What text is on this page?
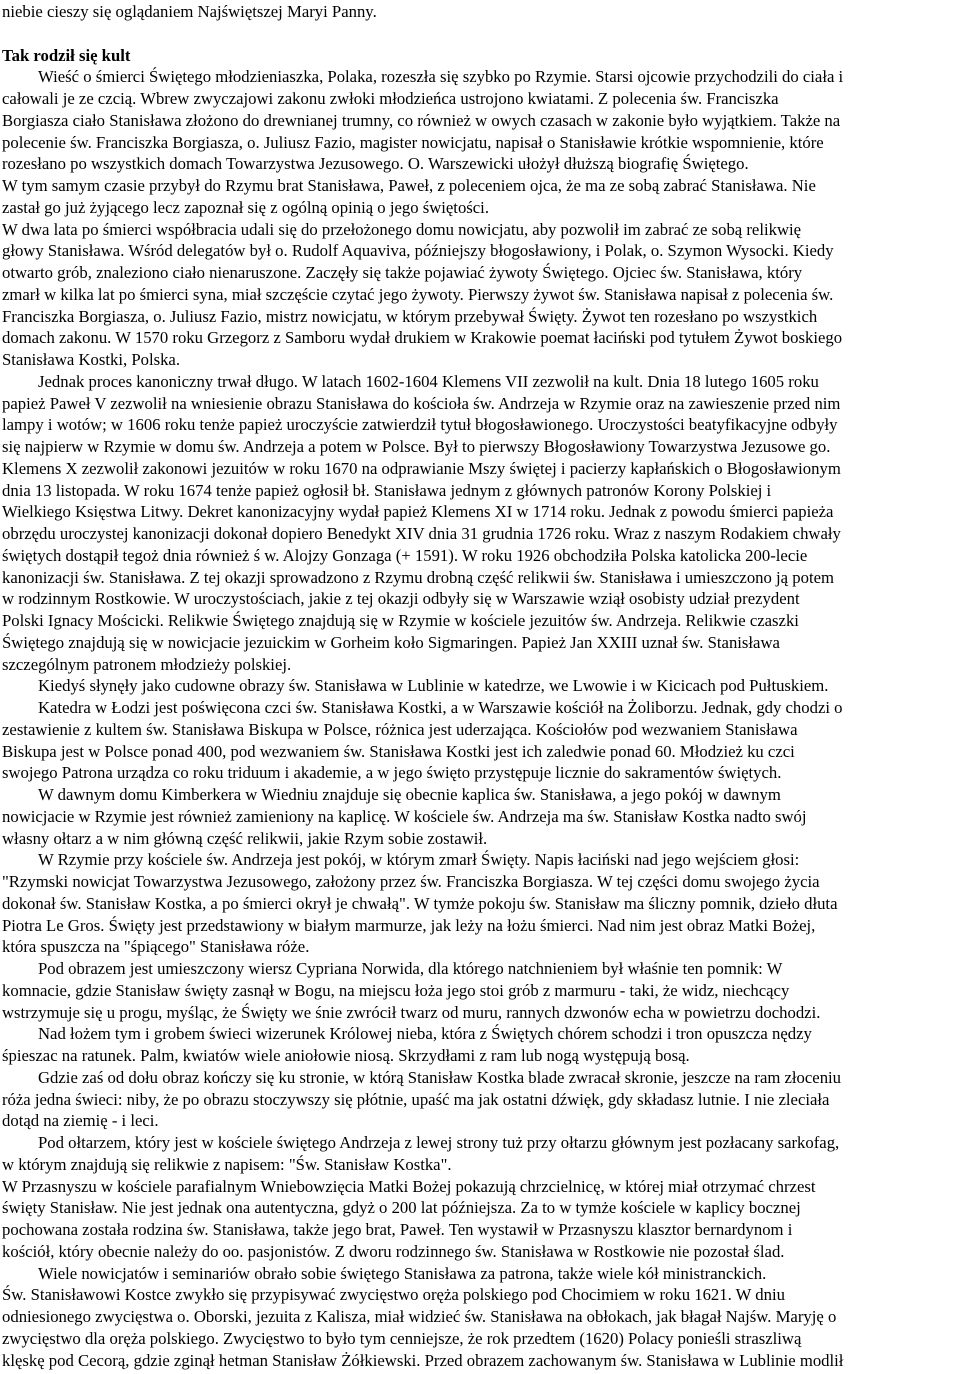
niebie cieszy się oglądaniem Najświętszej Maryi Panny.
Tak rodził się kult
Wieść o śmierci Świętego młodzieniaszka, Polaka, rozeszła się szybko po Rzymie. Starsi ojcowie przychodzili do ciała i
całowali je ze czcią. Wbrew zwyczajowi zakonu zwłoki młodzieńca ustrojono kwiatami. Z polecenia św. Franciszka
Borgiasza ciało Stanisława złożono do drewnianej trumny, co również w owych czasach w zakonie było wyjątkiem. Także na
polecenie św. Franciszka Borgiasza, o. Juliusz Fazio, magister nowicjatu, napisał o Stanisławie krótkie wspomnienie, które
rozesłano po wszystkich domach Towarzystwa Jezusowego. O. Warszewicki ułożył dłuższą biografię Świętego.
W tym samym czasie przybył do Rzymu brat Stanisława, Paweł, z poleceniem ojca, że ma ze sobą zabrać Stanisława. Nie
zastał go już żyjącego lecz zapoznał się z ogólną opinią o jego świętości.
W dwa lata po śmierci współbracia udali się do przełożonego domu nowicjatu, aby pozwolił im zabrać ze sobą relikwię
głowy Stanisława. Wśród delegatów był o. Rudolf Aquaviva, późniejszy błogosławiony, i Polak, o. Szymon Wysocki. Kiedy
otwarto grób, znaleziono ciało nienaruszone. Zaczęły się także pojawiać żywoty Świętego. Ojciec św. Stanisława, który
zmarł w kilka lat po śmierci syna, miał szczęście czytać jego żywoty. Pierwszy żywot św. Stanisława napisał z polecenia św.
Franciszka Borgiasza, o. Juliusz Fazio, mistrz nowicjatu, w którym przebywał Święty. Żywot ten rozesłano po wszystkich
domach zakonu. W 1570 roku Grzegorz z Samboru wydał drukiem w Krakowie poemat łaciński pod tytułem Żywot boskiego
Stanisława Kostki, Polska.
Jednak proces kanoniczny trwał długo. W latach 1602-1604 Klemens VII zezwolił na kult. Dnia 18 lutego 1605 roku
papież Paweł V zezwolił na wniesienie obrazu Stanisława do kościoła św. Andrzeja w Rzymie oraz na zawieszenie przed nim
lampy i wotów; w 1606 roku tenże papież uroczyście zatwierdził tytuł błogosławionego. Uroczystości beatyfikacyjne odbyły
się najpierw w Rzymie w domu św. Andrzeja a potem w Polsce. Był to pierwszy Błogosławiony Towarzystwa Jezusowe go.
Klemens X zezwolił zakonowi jezuitów w roku 1670 na odprawianie Mszy świętej i pacierzy kapłańskich o Błogosławionym
dnia 13 listopada. W roku 1674 tenże papież ogłosił bł. Stanisława jednym z głównych patronów Korony Polskiej i
Wielkiego Księstwa Litwy. Dekret kanonizacyjny wydał papież Klemens XI w 1714 roku. Jednak z powodu śmierci papieża
obrzędu uroczystej kanonizacji dokonał dopiero Benedykt XIV dnia 31 grudnia 1726 roku. Wraz z naszym Rodakiem chwały
świętych dostąpił tegoż dnia również ś w. Alojzy Gonzaga (+ 1591). W roku 1926 obchodziła Polska katolicka 200-lecie
kanonizacji św. Stanisława. Z tej okazji sprowadzono z Rzymu drobną część relikwii św. Stanisława i umieszczono ją potem
w rodzinnym Rostkowie. W uroczystościach, jakie z tej okazji odbyły się w Warszawie wziął osobisty udział prezydent
Polski Ignacy Mościcki. Relikwie Świętego znajdują się w Rzymie w kościele jezuitów św. Andrzeja. Relikwie czaszki
Świętego znajdują się w nowicjacie jezuickim w Gorheim koło Sigmaringen. Papież Jan XXIII uznał św. Stanisława
szczególnym patronem młodzieży polskiej.
Kiedyś słynęły jako cudowne obrazy św. Stanisława w Lublinie w katedrze, we Lwowie i w Kicicach pod Pułtuskiem.
Katedra w Łodzi jest poświęcona czci św. Stanisława Kostki, a w Warszawie kościół na Żoliborzu. Jednak, gdy chodzi o
zestawienie z kultem św. Stanisława Biskupa w Polsce, różnica jest uderzająca. Kościołów pod wezwaniem Stanisława
Biskupa jest w Polsce ponad 400, pod wezwaniem św. Stanisława Kostki jest ich zaledwie ponad 60. Młodzież ku czci
swojego Patrona urządza co roku triduum i akademie, a w jego święto przystępuje licznie do sakramentów świętych.
W dawnym domu Kimberkera w Wiedniu znajduje się obecnie kaplica św. Stanisława, a jego pokój w dawnym
nowicjacie w Rzymie jest również zamieniony na kaplicę. W kościele św. Andrzeja ma św. Stanisław Kostka nadto swój
własny ołtarz a w nim główną część relikwii, jakie Rzym sobie zostawił.
W Rzymie przy kościele św. Andrzeja jest pokój, w którym zmarł Święty. Napis łaciński nad jego wejściem głosi:
"Rzymski nowicjat Towarzystwa Jezusowego, założony przez św. Franciszka Borgiasza. W tej części domu swojego życia
dokonał św. Stanisław Kostka, a po śmierci okrył je chwałą". W tymże pokoju św. Stanisław ma śliczny pomnik, dzieło dłuta
Piotra Le Gros. Święty jest przedstawiony w białym marmurze, jak leży na łożu śmierci. Nad nim jest obraz Matki Bożej,
która spuszcza na "śpiącego" Stanisława róże.
Pod obrazem jest umieszczony wiersz Cypriana Norwida, dla którego natchnieniem był właśnie ten pomnik: W
komnacie, gdzie Stanisław święty zasnął w Bogu, na miejscu łoża jego stoi grób z marmuru - taki, że widz, niechcący
wstrzymuje się u progu, myśląc, że Święty we śnie zwrócił twarz od muru, rannych dzwonów echa w powietrzu dochodzi.
Nad łożem tym i grobem świeci wizerunek Królowej nieba, która z Świętych chórem schodzi i tron opuszcza nędzy
śpieszac na ratunek. Palm, kwiatów wiele aniołowie niosą. Skrzydłami z ram lub nogą występują bosą.
Gdzie zaś od dołu obraz kończy się ku stronie, w którą Stanisław Kostka blade zwracał skronie, jeszcze na ram złoceniu
róża jedna świeci: niby, że po obrazu stoczywszy się płótnie, upaść ma jak ostatni dźwięk, gdy składasz lutnie. I nie zleciała
dotąd na ziemię - i leci.
Pod ołtarzem, który jest w kościele świętego Andrzeja z lewej strony tuż przy ołtarzu głównym jest pozłacany sarkofag,
w którym znajdują się relikwie z napisem: "Św. Stanisław Kostka".
W Przasnyszu w kościele parafialnym Wniebowzięcia Matki Bożej pokazują chrzcielnicę, w której miał otrzymać chrzest
święty Stanisław. Nie jest jednak ona autentyczna, gdyż o 200 lat późniejsza. Za to w tymże kościele w kaplicy bocznej
pochowana została rodzina św. Stanisława, także jego brat, Paweł. Ten wystawił w Przasnyszu klasztor bernardynom i
kościół, który obecnie należy do oo. pasjonistów. Z dworu rodzinnego św. Stanisława w Rostkowie nie pozostał ślad.
Wiele nowicjatów i seminariów obrało sobie świętego Stanisława za patrona, także wiele kół ministranckich.
Św. Stanisławowi Kostce zwykło się przypisywać zwycięstwo oręża polskiego pod Chocimiem w roku 1621. W dniu
odniesionego zwycięstwa o. Oborski, jezuita z Kalisza, miał widzieć św. Stanisława na obłokach, jak błagał Najśw. Maryję o
zwycięstwo dla oręża polskiego. Zwycięstwo to było tym cenniejsze, że rok przedtem (1620) Polacy ponieśli straszliwą
klęskę pod Cecorą, gdzie zginął hetman Stanisław Żółkiewski. Przed obrazem zachowanym św. Stanisława w Lublinie modlił
